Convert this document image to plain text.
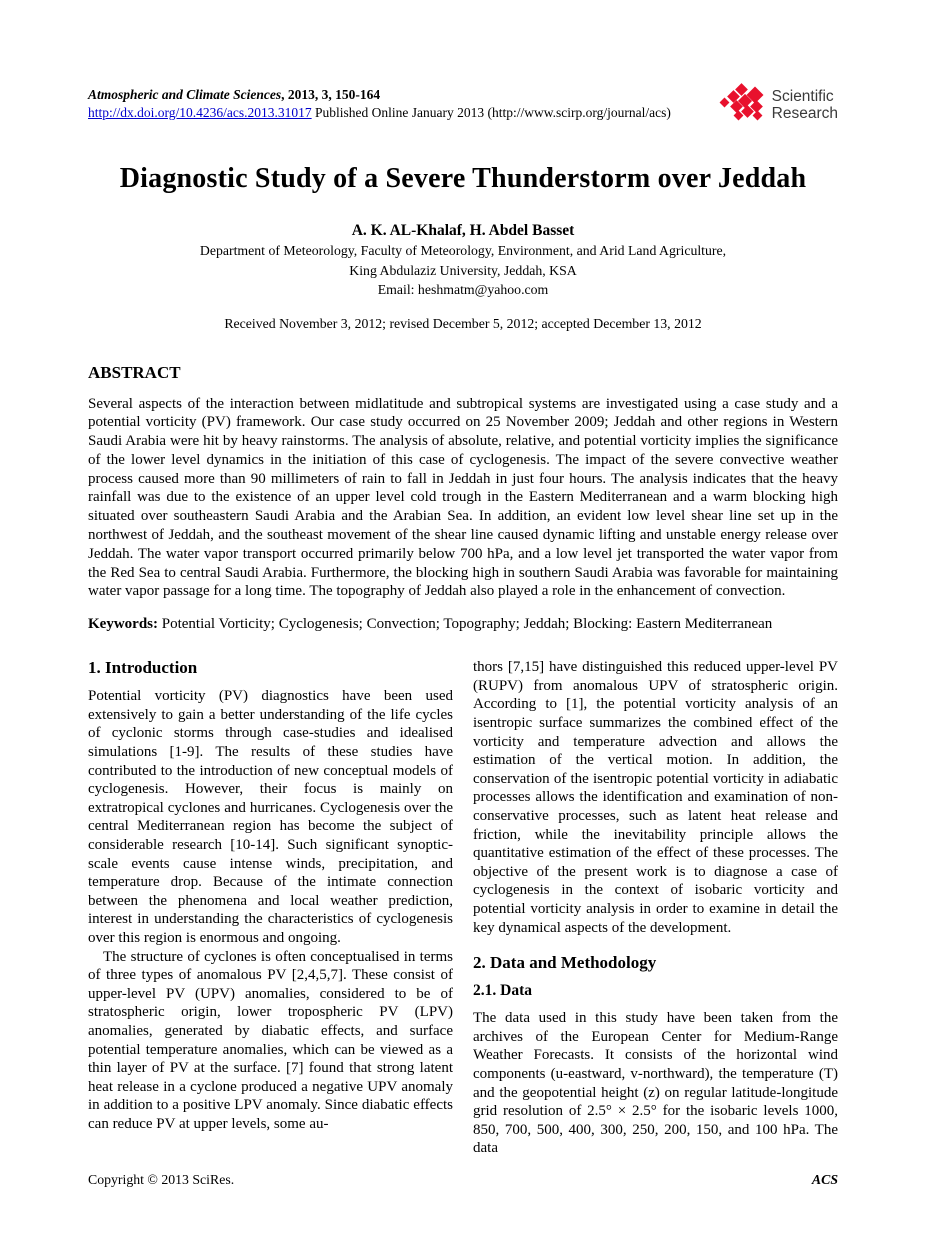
Atmospheric and Climate Sciences, 2013, 3, 150-164
http://dx.doi.org/10.4236/acs.2013.31017 Published Online January 2013 (http://www.scirp.org/journal/acs)
Scientific
Research
Diagnostic Study of a Severe Thunderstorm over Jeddah
A. K. AL-Khalaf, H. Abdel Basset
Department of Meteorology, Faculty of Meteorology, Environment, and Arid Land Agriculture,
King Abdulaziz University, Jeddah, KSA
Email: heshmatm@yahoo.com
Received November 3, 2012; revised December 5, 2012; accepted December 13, 2012
ABSTRACT

Several aspects of the interaction between midlatitude and subtropical systems are investigated using a case study and a potential vorticity (PV) framework. Our case study occurred on 25 November 2009; Jeddah and other regions in Western Saudi Arabia were hit by heavy rainstorms. The analysis of absolute, relative, and potential vorticity implies the significance of the lower level dynamics in the initiation of this case of cyclogenesis. The impact of the severe convective weather process caused more than 90 millimeters of rain to fall in Jeddah in just four hours. The analysis indicates that the heavy rainfall was due to the existence of an upper level cold trough in the Eastern Mediterranean and a warm blocking high situated over southeastern Saudi Arabia and the Arabian Sea. In addition, an evident low level shear line set up in the northwest of Jeddah, and the southeast movement of the shear line caused dynamic lifting and unstable energy release over Jeddah. The water vapor transport occurred primarily below 700 hPa, and a low level jet transported the water vapor from the Red Sea to central Saudi Arabia. Furthermore, the blocking high in southern Saudi Arabia was favorable for maintaining water vapor passage for a long time. The topography of Jeddah also played a role in the enhancement of convection.

Keywords: Potential Vorticity; Cyclogenesis; Convection; Topography; Jeddah; Blocking: Eastern Mediterranean

1. Introduction

Potential vorticity (PV) diagnostics have been used extensively to gain a better understanding of the life cycles of cyclonic storms through case-studies and idealised simulations [1-9]. The results of these studies have contributed to the introduction of new conceptual models of cyclogenesis. However, their focus is mainly on extratropical cyclones and hurricanes. Cyclogenesis over the central Mediterranean region has become the subject of considerable research [10-14]. Such significant synoptic-scale events cause intense winds, precipitation, and temperature drop. Because of the intimate connection between the phenomena and local weather prediction, interest in understanding the characteristics of cyclogenesis over this region is enormous and ongoing.

The structure of cyclones is often conceptualised in terms of three types of anomalous PV [2,4,5,7]. These consist of upper-level PV (UPV) anomalies, considered to be of stratospheric origin, lower tropospheric PV (LPV) anomalies, generated by diabatic effects, and surface potential temperature anomalies, which can be viewed as a thin layer of PV at the surface. [7] found that strong latent heat release in a cyclone produced a negative UPV anomaly in addition to a positive LPV anomaly. Since diabatic effects can reduce PV at upper levels, some au-

thors [7,15] have distinguished this reduced upper-level PV (RUPV) from anomalous UPV of stratospheric origin. According to [1], the potential vorticity analysis of an isentropic surface summarizes the combined effect of the vorticity and temperature advection and allows the estimation of the vertical motion. In addition, the conservation of the isentropic potential vorticity in adiabatic processes allows the identification and examination of non-conservative processes, such as latent heat release and friction, while the inevitability principle allows the quantitative estimation of the effect of these processes. The objective of the present work is to diagnose a case of cyclogenesis in the context of isobaric vorticity and potential vorticity analysis in order to examine in detail the key dynamical aspects of the development.

2. Data and Methodology
2.1. Data

The data used in this study have been taken from the archives of the European Center for Medium-Range Weather Forecasts. It consists of the horizontal wind components (u-eastward, v-northward), the temperature (T) and the geopotential height (z) on regular latitude-longitude grid resolution of 2.5° × 2.5° for the isobaric levels 1000, 850, 700, 500, 400, 300, 250, 200, 150, and 100 hPa. The data

Copyright © 2013 SciRes.	ACS
